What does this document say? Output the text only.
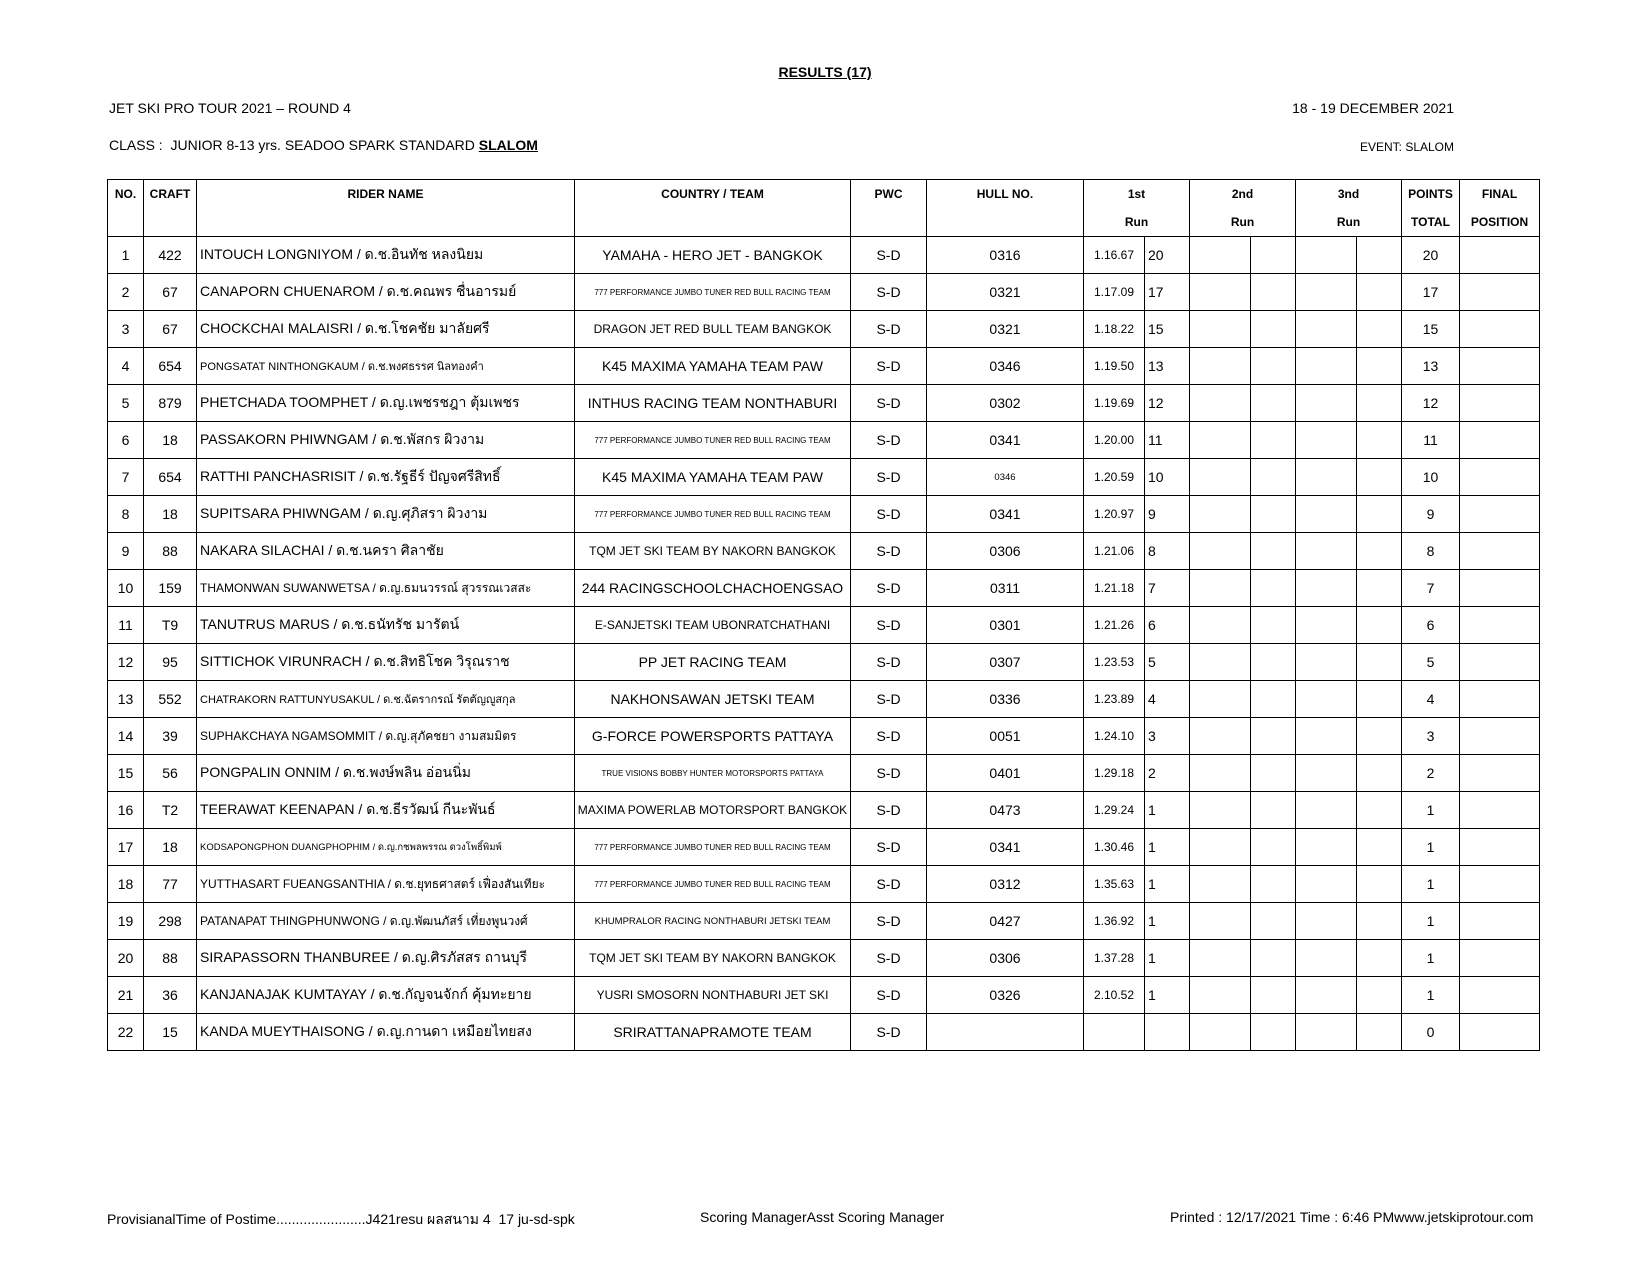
RESULTS (17)
JET SKI PRO TOUR 2021 – ROUND 4	18 - 19 DECEMBER 2021
CLASS :  JUNIOR 8-13 yrs. SEADOO SPARK STANDARD SLALOM	EVENT: SLALOM
NO.	CRAFT	RIDER NAME	COUNTRY / TEAM	PWC	HULL NO.	1st		2nd		3nd		POINTS	FINAL
						Run		Run		Run		TOTAL	POSITION
1	422	INTOUCH LONGNIYOM / ด.ช.อินทัช หลงนิยม	YAMAHA - HERO JET - BANGKOK	S-D	0316	1.16.67	20					20	
2	67	CANAPORN CHUENAROM / ด.ช.คณพร ชื่นอารมย์	777 PERFORMANCE JUMBO TUNER RED BULL RACING TEAM	S-D	0321	1.17.09	17					17	
3	67	CHOCKCHAI MALAISRI / ด.ช.โชคชัย มาลัยศรี	DRAGON JET RED BULL TEAM BANGKOK	S-D	0321	1.18.22	15					15	
4	654	PONGSATAT NINTHONGKAUM / ด.ช.พงศธรรศ นิลทองคำ	K45 MAXIMA YAMAHA TEAM PAW	S-D	0346	1.19.50	13					13	
5	879	PHETCHADA TOOMPHET / ด.ญ.เพชรชฎา ตุ้มเพชร	INTHUS RACING TEAM NONTHABURI	S-D	0302	1.19.69	12					12	
6	18	PASSAKORN PHIWNGAM / ด.ช.พัสกร ผิวงาม	777 PERFORMANCE JUMBO TUNER RED BULL RACING TEAM	S-D	0341	1.20.00	11					11	
7	654	RATTHI PANCHASRISIT / ด.ช.รัฐธีร์ ปัญจศรีสิทธิ์	K45 MAXIMA YAMAHA TEAM PAW	S-D	0346	1.20.59	10					10	
8	18	SUPITSARA PHIWNGAM / ด.ญ.ศุภิสรา ผิวงาม	777 PERFORMANCE JUMBO TUNER RED BULL RACING TEAM	S-D	0341	1.20.97	9					9	
9	88	NAKARA SILACHAI / ด.ช.นครา ศิลาชัย	TQM JET SKI TEAM BY NAKORN BANGKOK	S-D	0306	1.21.06	8					8	
10	159	THAMONWAN SUWANWETSA / ด.ญ.ธมนวรรณ์ สุวรรณเวสสะ	244 RACINGSCHOOLCHACHOENGSAO	S-D	0311	1.21.18	7					7	
11	T9	TANUTRUS MARUS / ด.ช.ธนัทรัช มารัตน์	E-SANJETSKI TEAM UBONRATCHATHANI	S-D	0301	1.21.26	6					6	
12	95	SITTICHOK VIRUNRACH / ด.ช.สิทธิโชค วิรุณราช	PP JET RACING TEAM	S-D	0307	1.23.53	5					5	
13	552	CHATRAKORN RATTUNYUSAKUL / ด.ช.ฉัตรากรณ์ รัตตัญญูสกุล	NAKHONSAWAN JETSKI TEAM	S-D	0336	1.23.89	4					4	
14	39	SUPHAKCHAYA NGAMSOMMIT / ด.ญ.สุภัคชยา งามสมมิตร	G-FORCE POWERSPORTS PATTAYA	S-D	0051	1.24.10	3					3	
15	56	PONGPALIN ONNIM / ด.ช.พงษ์พลิน อ่อนนิ่ม	TRUE VISIONS BOBBY HUNTER MOTORSPORTS PATTAYA	S-D	0401	1.29.18	2					2	
16	T2	TEERAWAT KEENAPAN / ด.ช.ธีรวัฒน์ กีนะพันธ์	MAXIMA POWERLAB MOTORSPORT BANGKOK	S-D	0473	1.29.24	1					1	
17	18	KODSAPONGPHON DUANGPHOPHIM / ด.ญ.กชพลพรรณ ดวงโพธิ์พิมพ์	777 PERFORMANCE JUMBO TUNER RED BULL RACING TEAM	S-D	0341	1.30.46	1					1	
18	77	YUTTHASART FUEANGSANTHIA / ด.ช.ยุทธศาสตร์ เฟื่องสันเทียะ	777 PERFORMANCE JUMBO TUNER RED BULL RACING TEAM	S-D	0312	1.35.63	1					1	
19	298	PATANAPAT THINGPHUNWONG / ด.ญ.พัฒนภัสร์ เที่ยงพูนวงศ์	KHUMPRALOR RACING NONTHABURI JETSKI TEAM	S-D	0427	1.36.92	1					1	
20	88	SIRAPASSORN THANBUREE / ด.ญ.ศิรภัสสร ถานบุรี	TQM JET SKI TEAM BY NAKORN BANGKOK	S-D	0306	1.37.28	1					1	
21	36	KANJANAJAK KUMTAYAY / ด.ช.กัญจนจักก์ คุ้มทะยาย	YUSRI SMOSORN NONTHABURI JET SKI	S-D	0326	2.10.52	1					1	
22	15	KANDA MUEYTHAISONG / ด.ญ.กานดา เหมือยไทยสง	SRIRATTANAPRAMOTE TEAM	S-D								0	
ProvisianalTime of Postime.......................J421resu ผลสนาม 4  17 ju-sd-spk	Scoring ManagerAsst Scoring Manager	Printed : 12/17/2021 Time : 6:46 PMwww.jetskiprotour.com
